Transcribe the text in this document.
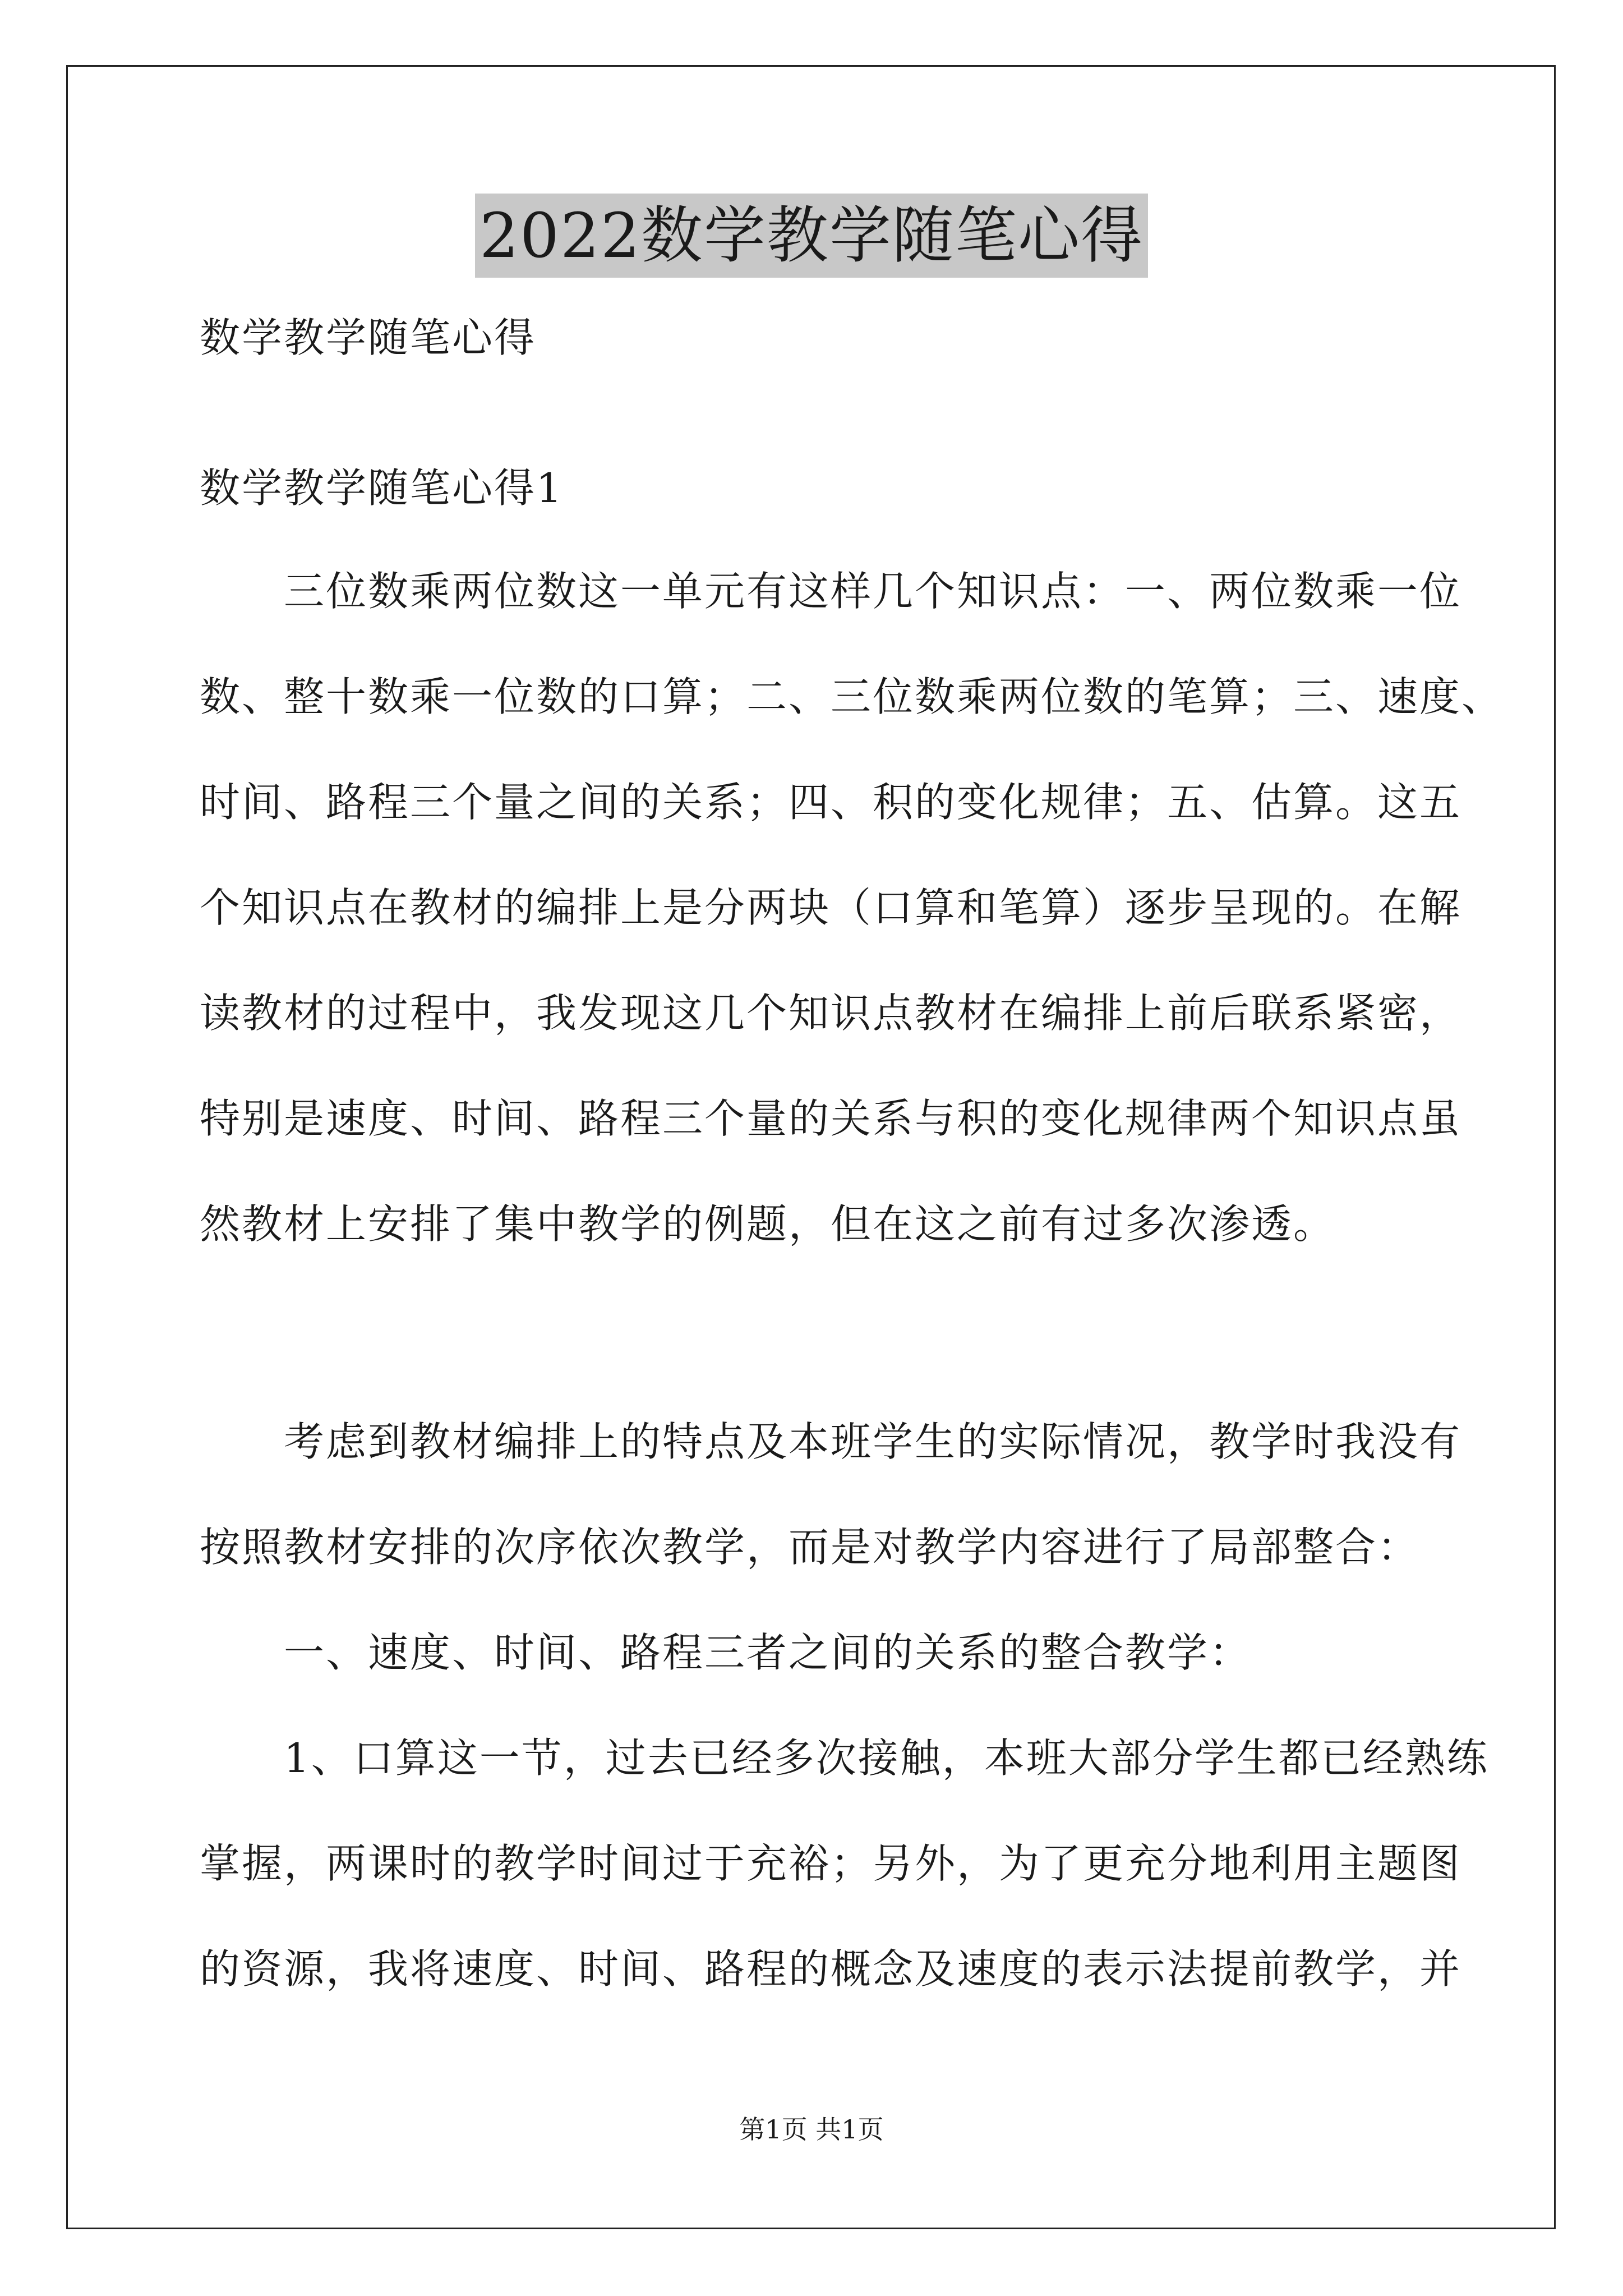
2022数学教学随笔心得
数学教学随笔心得
数学教学随笔心得1
三位数乘两位数这一单元有这样几个知识点：一、两位数乘一位
数、整十数乘一位数的口算；二、三位数乘两位数的笔算；三、速度、
时间、路程三个量之间的关系；四、积的变化规律；五、估算。这五
个知识点在教材的编排上是分两块（口算和笔算）逐步呈现的。在解
读教材的过程中，我发现这几个知识点教材在编排上前后联系紧密，
特别是速度、时间、路程三个量的关系与积的变化规律两个知识点虽
然教材上安排了集中教学的例题，但在这之前有过多次渗透。
考虑到教材编排上的特点及本班学生的实际情况，教学时我没有
按照教材安排的次序依次教学，而是对教学内容进行了局部整合：
一、速度、时间、路程三者之间的关系的整合教学：
1、口算这一节，过去已经多次接触，本班大部分学生都已经熟练
掌握，两课时的教学时间过于充裕；另外，为了更充分地利用主题图
的资源，我将速度、时间、路程的概念及速度的表示法提前教学，并
第1页 共1页
